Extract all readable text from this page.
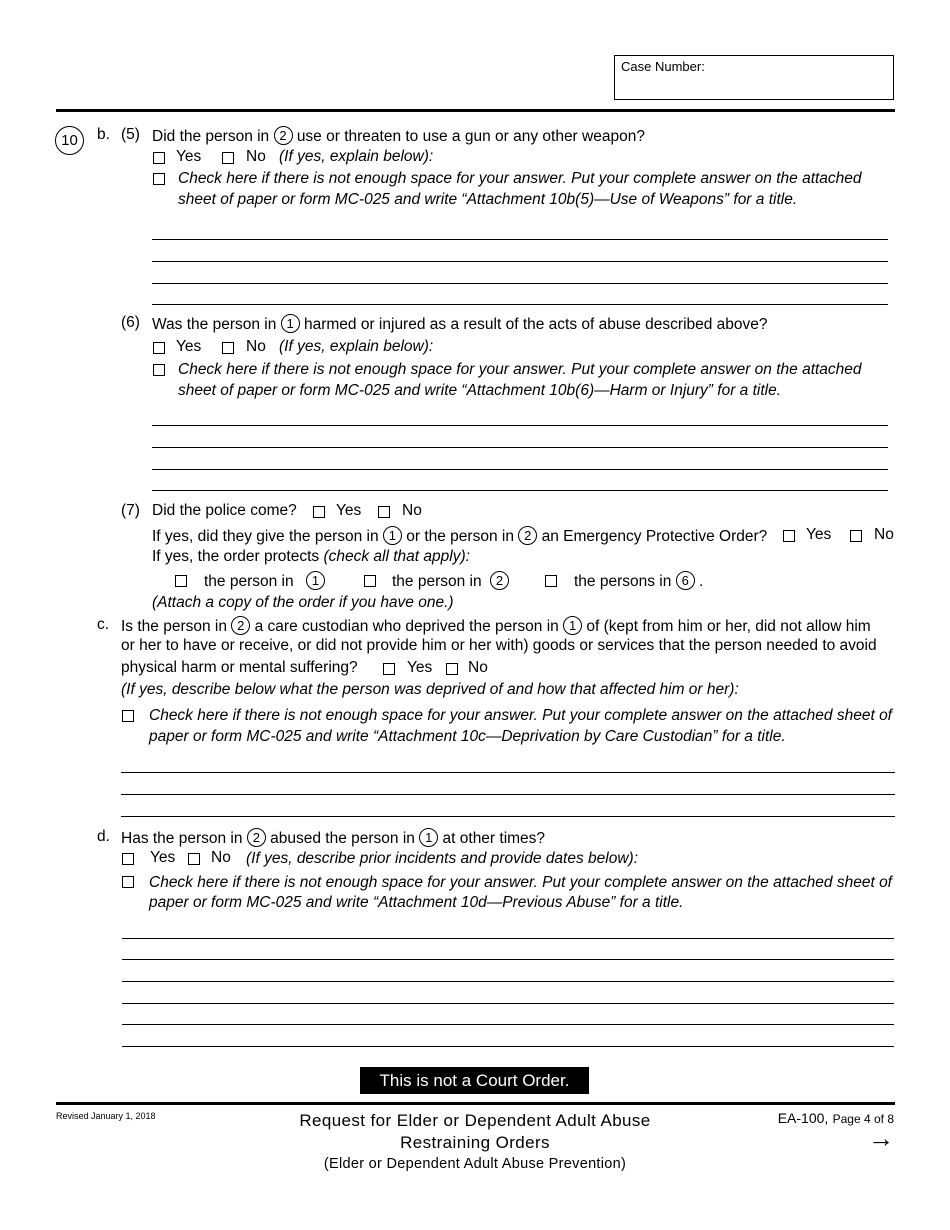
Case Number:
10	b. (5) Did the person in 2 use or threaten to use a gun or any other weapon?
Yes	No (If yes, explain below):
Check here if there is not enough space for your answer. Put your complete answer on the attached
sheet of paper or form MC-025 and write “Attachment 10b(5)—Use of Weapons” for a title.
(6) Was the person in 1 harmed or injured as a result of the acts of abuse described above?
Yes	No (If yes, explain below):
Check here if there is not enough space for your answer. Put your complete answer on the attached
sheet of paper or form MC-025 and write “Attachment 10b(6)—Harm or Injury” for a title.
(7) Did the police come?	Yes	No
If yes, did they give the person in 1 or the person in 2 an Emergency Protective Order? Yes	No
If yes, the order protects (check all that apply):
the person in 1	the person in 2	the persons in 6 .
(Attach a copy of the order if you have one.)
c. Is the person in 2 a care custodian who deprived the person in 1 of (kept from him or her, did not allow him
or her to have or receive, or did not provide him or her with) goods or services that the person needed to avoid
physical harm or mental suffering?	Yes No
(If yes, describe below what the person was deprived of and how that affected him or her):
Check here if there is not enough space for your answer. Put your complete answer on the attached sheet of
paper or form MC-025 and write “Attachment 10c—Deprivation by Care Custodian” for a title.
d. Has the person in 2 abused the person in 1 at other times?
Yes No (If yes, describe prior incidents and provide dates below):
Check here if there is not enough space for your answer. Put your complete answer on the attached sheet of
paper or form MC-025 and write “Attachment 10d—Previous Abuse” for a title.
This is not a Court Order.
Revised January 1, 2018	Request for Elder or Dependent Adult Abuse
Restraining Orders
(Elder or Dependent Adult Abuse Prevention)
EA-100, Page 4 of 8
→
